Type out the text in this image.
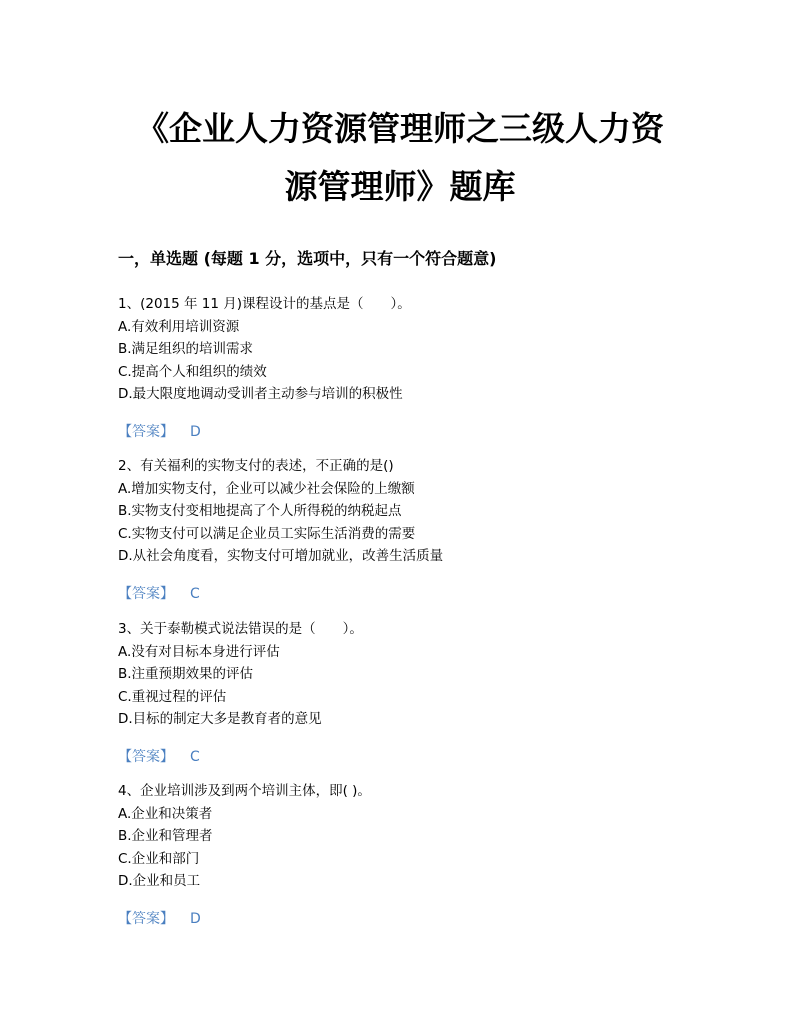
《企业人力资源管理师之三级人力资
源管理师》题库
一，单选题 (每题 1 分，选项中，只有一个符合题意)
1、(2015 年 11 月)课程设计的基点是（　　）。
A.有效利用培训资源
B.满足组织的培训需求
C.提高个人和组织的绩效
D.最大限度地调动受训者主动参与培训的积极性
【答案】 D
2、有关福利的实物支付的表述，不正确的是()
A.增加实物支付，企业可以减少社会保险的上缴额
B.实物支付变相地提高了个人所得税的纳税起点
C.实物支付可以满足企业员工实际生活消费的需要
D.从社会角度看，实物支付可增加就业，改善生活质量
【答案】 C
3、关于泰勒模式说法错误的是（　　）。
A.没有对目标本身进行评估
B.注重预期效果的评估
C.重视过程的评估
D.目标的制定大多是教育者的意见
【答案】 C
4、企业培训涉及到两个培训主体，即( )。
A.企业和决策者
B.企业和管理者
C.企业和部门
D.企业和员工
【答案】 D
